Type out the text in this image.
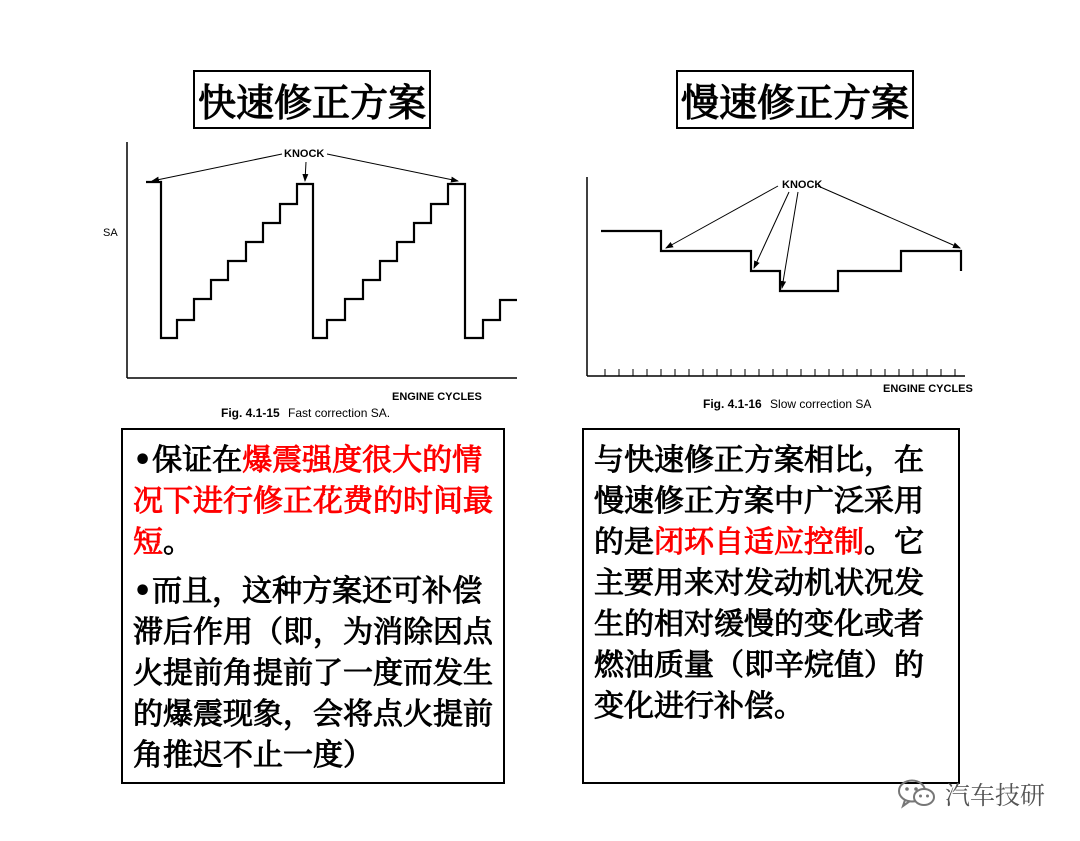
快速修正方案	慢速修正方案
SA
KNOCK
ENGINE CYCLES
Fig. 4.1-15 Fast correction SA.
KNOCK
ENGINE CYCLES
Fig. 4.1-16 Slow correction SA

•保证在爆震强度很大的情况下进行修正花费的时间最短。

•而且，这种方案还可补偿滞后作用（即，为消除因点火提前角提前了一度而发生的爆震现象，会将点火提前角推迟不止一度）

与快速修正方案相比，在慢速修正方案中广泛采用的是闭环自适应控制。它主要用来对发动机状况发生的相对缓慢的变化或者燃油质量（即辛烷值）的变化进行补偿。

汽车技研
